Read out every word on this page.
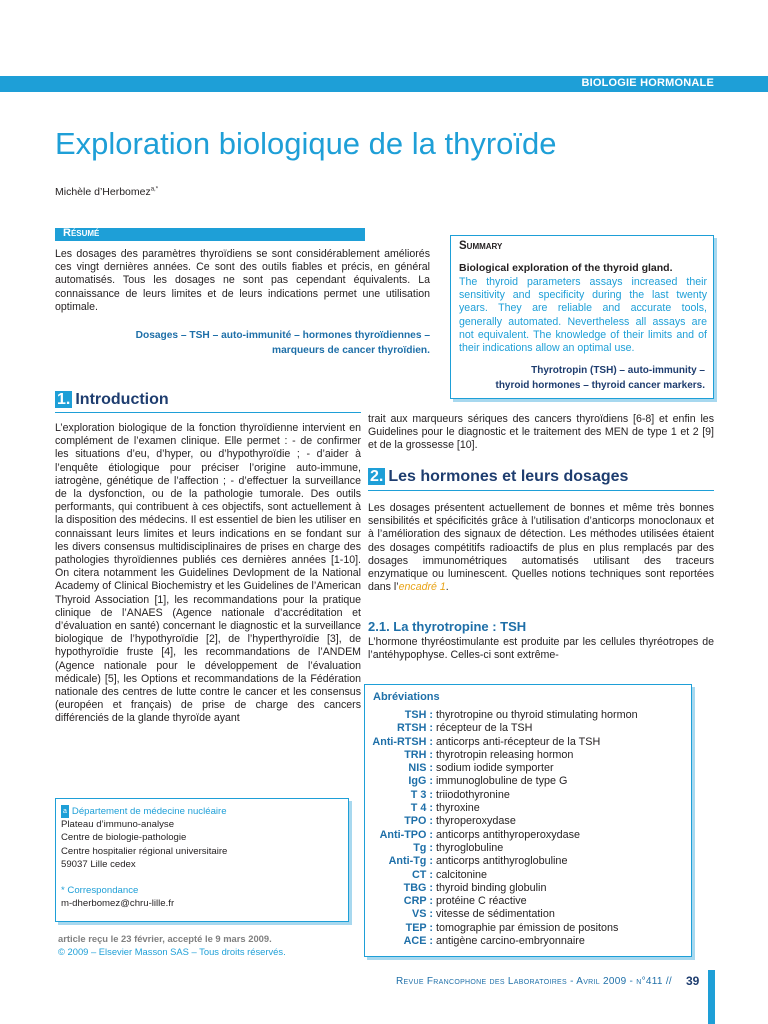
BIOLOGIE HORMONALE
Exploration biologique de la thyroïde
Michèle d’Herbomez$^{a,*}$
Résumé
Les dosages des paramètres thyroïdiens se sont considérablement améliorés ces vingt dernières années. Ce sont des outils fiables et précis, en général automatisés. Tous les dosages ne sont pas cependant équivalents. La connaissance de leurs limites et de leurs indications permet une utilisation optimale.
Dosages – TSH – auto-immunité – hormones thyroïdiennes –
marqueurs de cancer thyroïdien.
Summary
Biological exploration of the thyroid gland.
The thyroid parameters assays increased their sensitivity and specificity during the last twenty years. They are reliable and accurate tools, generally automated. Nevertheless all assays are not equivalent. The knowledge of their limits and of their indications allow an optimal use.
Thyrotropin (TSH) – auto-immunity –
thyroid hormones – thyroid cancer markers.
1. Introduction
L’exploration biologique de la fonction thyroïdienne intervient en complément de l’examen clinique. Elle permet : - de confirmer les situations d’eu, d’hyper, ou d’hypothyroïdie ; - d’aider à l’enquête étiologique pour préciser l’origine auto-immune, iatrogène, génétique de l’affection ; - d’effectuer la surveillance de la dysfonction, ou de la pathologie tumorale. Des outils performants, qui contribuent à ces objectifs, sont actuellement à la disposition des médecins. Il est essentiel de bien les utiliser en connaissant leurs limites et leurs indications en se fondant sur les divers consensus multidisciplinaires de prises en charge des pathologies thyroïdiennes publiés ces dernières années [1-10]. On citera notamment les Guidelines Devlopment de la National Academy of Clinical Biochemistry et les Guidelines de l’American Thyroid Association [1], les recommandations pour la pratique clinique de l’ANAES (Agence nationale d’accréditation et d’évaluation en santé) concernant le diagnostic et la surveillance biologique de l’hypothyroïdie [2], de l’hyperthyroïdie [3], de hypothyroïdie fruste [4], les recommandations de l’ANDEM (Agence nationale pour le développement de l’évaluation médicale) [5], les Options et recommandations de la Fédération nationale des centres de lutte contre le cancer et les consensus (européen et français) de prise de charge des cancers différenciés de la glande thyroïde ayant
trait aux marqueurs sériques des cancers thyroïdiens [6-8] et enfin les Guidelines pour le diagnostic et le traitement des MEN de type 1 et 2 [9] et de la grossesse [10].
2. Les hormones et leurs dosages
Les dosages présentent actuellement de bonnes et même très bonnes sensibilités et spécificités grâce à l’utilisation d’anticorps monoclonaux et à l’amélioration des signaux de détection. Les méthodes utilisées étaient des dosages compétitifs radioactifs de plus en plus remplacés par des dosages immunométriques automatisés utilisant des traceurs enzymatique ou luminescent. Quelles notions techniques sont reportées dans l’encadré 1.
2.1. La thyrotropine : TSH
L’hormone thyréostimulante est produite par les cellules thyréotropes de l’antéhypophyse. Celles-ci sont extrême-
Abréviations
TSH : thyrotropine ou thyroid stimulating hormon
RTSH : récepteur de la TSH
Anti-RTSH : anticorps anti-récepteur de la TSH
TRH : thyrotropin releasing hormon
NIS : sodium iodide symporter
IgG : immunoglobuline de type G
T 3 : triiodothyronine
T 4 : thyroxine
TPO : thyroperoxydase
Anti-TPO : anticorps antithyroperoxydase
Tg : thyroglobuline
Anti-Tg : anticorps antithyroglobuline
CT : calcitonine
TBG : thyroid binding globulin
CRP : protéine C réactive
VS : vitesse de sédimentation
TEP : tomographie par émission de positons
ACE : antigène carcino-embryonnaire
a Département de médecine nucléaire
Plateau d’immuno-analyse
Centre de biologie-pathologie
Centre hospitalier régional universitaire
59037 Lille cedex
* Correspondance
m-dherbomez@chru-lille.fr
article reçu le 23 février, accepté le 9 mars 2009.
© 2009 – Elsevier Masson SAS – Tous droits réservés.
Revue Francophone des Laboratoires - Avril 2009 - n°411 // 39
